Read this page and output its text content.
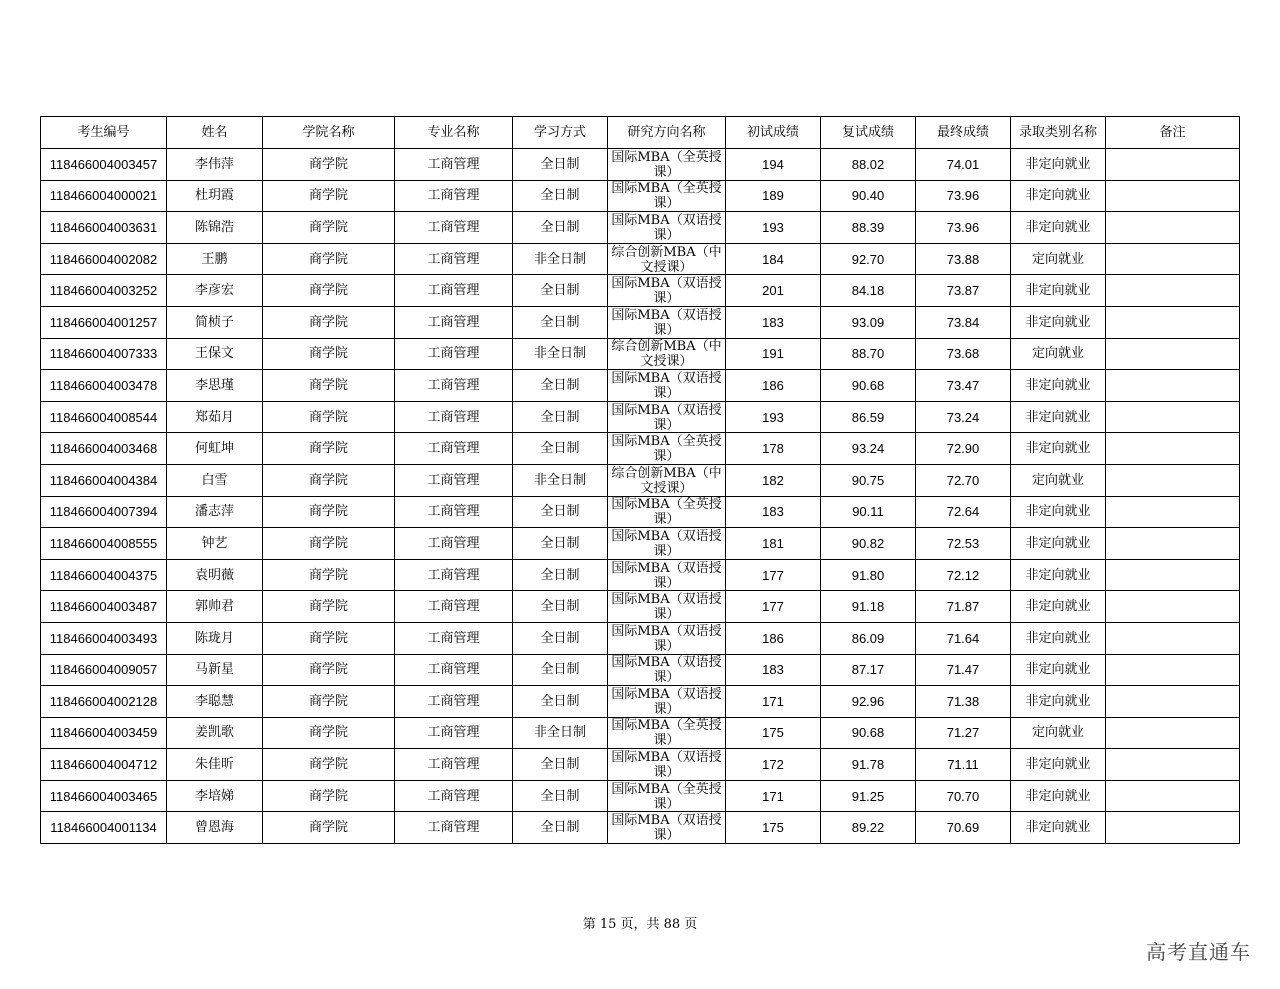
考生编号	姓名	学院名称	专业名称	学习方式	研究方向名称	初试成绩	复试成绩	最终成绩	录取类别名称	备注
118466004003457	李伟萍	商学院	工商管理	全日制	国际MBA（全英授课）	194	88.02	74.01	非定向就业	
118466004000021	杜玥霞	商学院	工商管理	全日制	国际MBA（全英授课）	189	90.40	73.96	非定向就业	
118466004003631	陈锦浩	商学院	工商管理	全日制	国际MBA（双语授课）	193	88.39	73.96	非定向就业	
118466004002082	王鹏	商学院	工商管理	非全日制	综合创新MBA（中文授课）	184	92.70	73.88	定向就业	
118466004003252	李彦宏	商学院	工商管理	全日制	国际MBA（双语授课）	201	84.18	73.87	非定向就业	
118466004001257	简桢子	商学院	工商管理	全日制	国际MBA（双语授课）	183	93.09	73.84	非定向就业	
118466004007333	王保文	商学院	工商管理	非全日制	综合创新MBA（中文授课）	191	88.70	73.68	定向就业	
118466004003478	李思瑾	商学院	工商管理	全日制	国际MBA（双语授课）	186	90.68	73.47	非定向就业	
118466004008544	郑茹月	商学院	工商管理	全日制	国际MBA（双语授课）	193	86.59	73.24	非定向就业	
118466004003468	何虹坤	商学院	工商管理	全日制	国际MBA（全英授课）	178	93.24	72.90	非定向就业	
118466004004384	白雪	商学院	工商管理	非全日制	综合创新MBA（中文授课）	182	90.75	72.70	定向就业	
118466004007394	潘志萍	商学院	工商管理	全日制	国际MBA（全英授课）	183	90.11	72.64	非定向就业	
118466004008555	钟艺	商学院	工商管理	全日制	国际MBA（双语授课）	181	90.82	72.53	非定向就业	
118466004004375	袁明薇	商学院	工商管理	全日制	国际MBA（双语授课）	177	91.80	72.12	非定向就业	
118466004003487	郭帅君	商学院	工商管理	全日制	国际MBA（双语授课）	177	91.18	71.87	非定向就业	
118466004003493	陈珑月	商学院	工商管理	全日制	国际MBA（双语授课）	186	86.09	71.64	非定向就业	
118466004009057	马新星	商学院	工商管理	全日制	国际MBA（双语授课）	183	87.17	71.47	非定向就业	
118466004002128	李聪慧	商学院	工商管理	全日制	国际MBA（双语授课）	171	92.96	71.38	非定向就业	
118466004003459	姜凯歌	商学院	工商管理	非全日制	国际MBA（全英授课）	175	90.68	71.27	定向就业	
118466004004712	朱佳昕	商学院	工商管理	全日制	国际MBA（双语授课）	172	91.78	71.11	非定向就业	
118466004003465	李培娣	商学院	工商管理	全日制	国际MBA（全英授课）	171	91.25	70.70	非定向就业	
118466004001134	曾恩海	商学院	工商管理	全日制	国际MBA（双语授课）	175	89.22	70.69	非定向就业	
第 15 页，共 88 页
高考直通车
